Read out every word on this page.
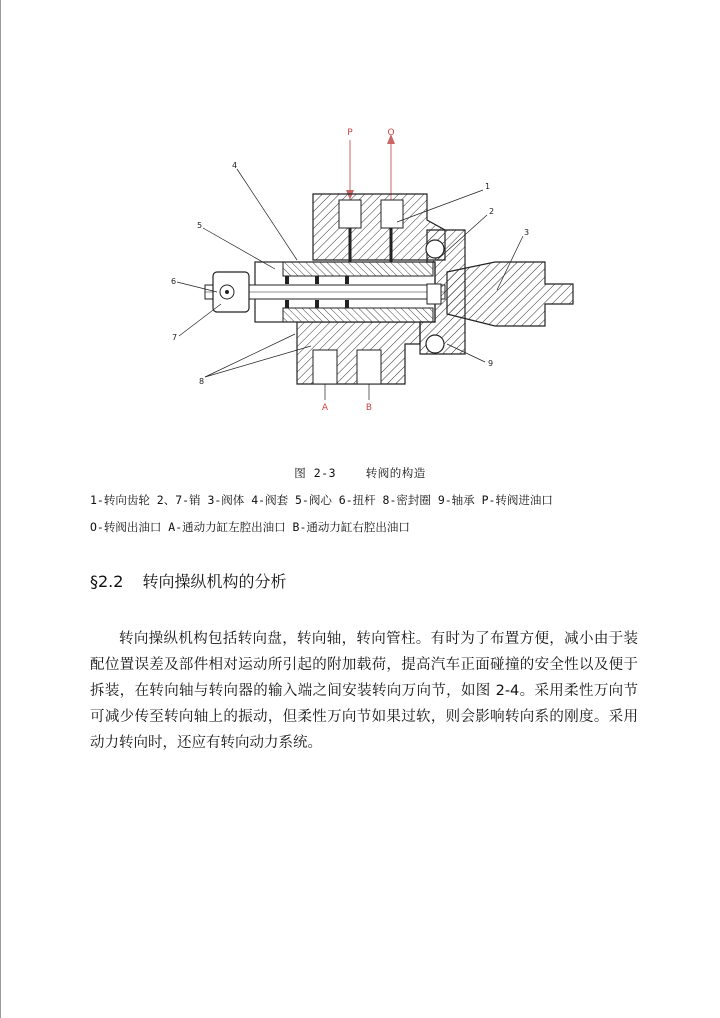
P	O
A	B
1
2
3
4
5
6
7
8
9
图 2-3	转阀的构造
1-转向齿轮 2、7-销 3-阀体 4-阀套 5-阀心 6-扭杆 8-密封圈 9-轴承 P-转阀进油口
O-转阀出油口 A-通动力缸左腔出油口 B-通动力缸右腔出油口
§2.2 转向操纵机构的分析
转向操纵机构包括转向盘，转向轴，转向管柱。有时为了布置方便，减小由于装配位置误差及部件相对运动所引起的附加载荷，提高汽车正面碰撞的安全性以及便于拆装，在转向轴与转向器的输入端之间安装转向万向节，如图 2-4。采用柔性万向节可减少传至转向轴上的振动，但柔性万向节如果过软，则会影响转向系的刚度。采用动力转向时，还应有转向动力系统。
